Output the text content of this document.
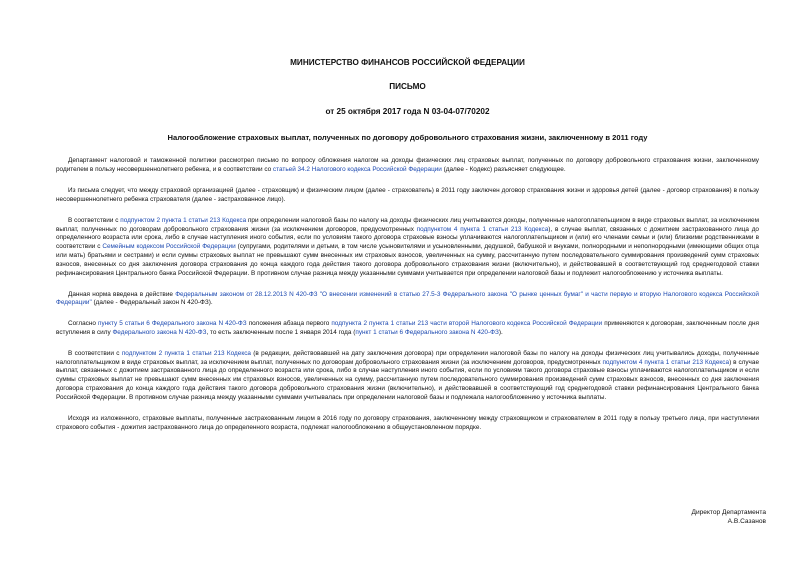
МИНИСТЕРСТВО ФИНАНСОВ РОССИЙСКОЙ ФЕДЕРАЦИИ
ПИСЬМО
от 25 октября 2017 года N 03-04-07/70202
Налогообложение страховых выплат, полученных по договору добровольного страхования жизни, заключенному в 2011 году

Департамент налоговой и таможенной политики рассмотрел письмо по вопросу обложения налогом на доходы физических лиц страховых выплат, полученных по договору добровольного страхования жизни, заключенному родителем в пользу несовершеннолетнего ребенка, и в соответствии со статьей 34.2 Налогового кодекса Российской Федерации (далее - Кодекс) разъясняет следующее.

Из письма следует, что между страховой организацией (далее - страховщик) и физическим лицом (далее - страхователь) в 2011 году заключен договор страхования жизни и здоровья детей (далее - договор страхования) в пользу несовершеннолетнего ребенка страхователя (далее - застрахованное лицо).

В соответствии с подпунктом 2 пункта 1 статьи 213 Кодекса при определении налоговой базы по налогу на доходы физических лиц учитываются доходы, полученные налогоплательщиком в виде страховых выплат, за исключением выплат, полученных по договорам добровольного страхования жизни (за исключением договоров, предусмотренных подпунктом 4 пункта 1 статьи 213 Кодекса), в случае выплат, связанных с дожитием застрахованного лица до определенного возраста или срока, либо в случае наступления иного события, если по условиям такого договора страховые взносы уплачиваются налогоплательщиком и (или) его членами семьи и (или) близкими родственниками в соответствии с Семейным кодексом Российской Федерации (супругами, родителями и детьми, в том числе усыновителями и усыновленными, дедушкой, бабушкой и внуками, полнородными и неполнородными (имеющими общих отца или мать) братьями и сестрами) и если суммы страховых выплат не превышают сумм внесенных им страховых взносов, увеличенных на сумму, рассчитанную путем последовательного суммирования произведений сумм страховых взносов, внесенных со дня заключения договора страхования до конца каждого года действия такого договора добровольного страхования жизни (включительно), и действовавшей в соответствующий год среднегодовой ставки рефинансирования Центрального банка Российской Федерации. В противном случае разница между указанными суммами учитывается при определении налоговой базы и подлежит налогообложению у источника выплаты.

Данная норма введена в действие Федеральным законом от 28.12.2013 N 420-ФЗ "О внесении изменений в статью 27.5-3 Федерального закона "О рынке ценных бумаг" и части первую и вторую Налогового кодекса Российской Федерации" (далее - Федеральный закон N 420-ФЗ).

Согласно пункту 5 статьи 6 Федерального закона N 420-ФЗ положения абзаца первого подпункта 2 пункта 1 статьи 213 части второй Налогового кодекса Российской Федерации применяются к договорам, заключенным после дня вступления в силу Федерального закона N 420-ФЗ, то есть заключенным после 1 января 2014 года (пункт 1 статьи 6 Федерального закона N 420-ФЗ).

В соответствии с подпунктом 2 пункта 1 статьи 213 Кодекса (в редакции, действовавшей на дату заключения договора) при определении налоговой базы по налогу на доходы физических лиц учитывались доходы, полученные налогоплательщиком в виде страховых выплат, за исключением выплат, полученных по договорам добровольного страхования жизни (за исключением договоров, предусмотренных подпунктом 4 пункта 1 статьи 213 Кодекса) в случае выплат, связанных с дожитием застрахованного лица до определенного возраста или срока, либо в случае наступления иного события, если по условиям такого договора страховые взносы уплачиваются налогоплательщиком и если суммы страховых выплат не превышают сумм внесенных им страховых взносов, увеличенных на сумму, рассчитанную путем последовательного суммирования произведений сумм страховых взносов, внесенных со дня заключения договора страхования до конца каждого года действия такого договора добровольного страхования жизни (включительно), и действовавшей в соответствующий год среднегодовой ставки рефинансирования Центрального банка Российской Федерации. В противном случае разница между указанными суммами учитывалась при определении налоговой базы и подлежала налогообложению у источника выплаты.

Исходя из изложенного, страховые выплаты, полученные застрахованным лицом в 2016 году по договору страхования, заключенному между страховщиком и страхователем в 2011 году в пользу третьего лица, при наступлении страхового события - дожития застрахованного лица до определенного возраста, подлежат налогообложению в общеустановленном порядке.

Директор Департамента
А.В.Сазанов
